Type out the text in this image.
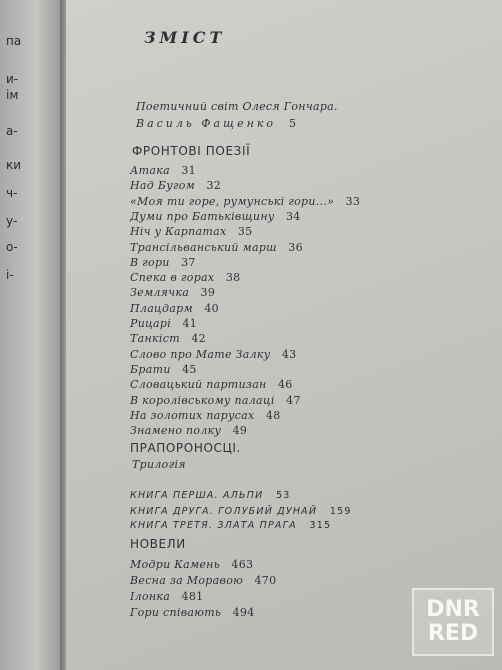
па
и-
ім
а-
ки
ч-
у-
о-
і-
ЗМІСТ
Поетичний світ Олеся Гончара.
Василь Фащенко 5
ФРОНТОВІ ПОЕЗІЇ
Атака 31
Над Бугом 32
«Моя ти горе, румунські гори...» 33
Думи про Батьківщину 34
Ніч у Карпатах 35
Трансільванський марш 36
В гори 37
Спека в горах 38
Землячка 39
Плацдарм 40
Рицарі 41
Танкіст 42
Слово про Мате Залку 43
Брати 45
Словацький партизан 46
В королівському палаці 47
На золотих парусах 48
Знамено полку 49
ПРАПОРОНОСЦІ.
Трилогія
КНИГА ПЕРША. АЛЬПИ 53
КНИГА ДРУГА. ГОЛУБИЙ ДУНАЙ 159
КНИГА ТРЕТЯ. ЗЛАТА ПРАГА 315
НОВЕЛИ
Модри Камень 463
Весна за Моравою 470
Ілонка 481
Гори співають 494	DNR
RED
